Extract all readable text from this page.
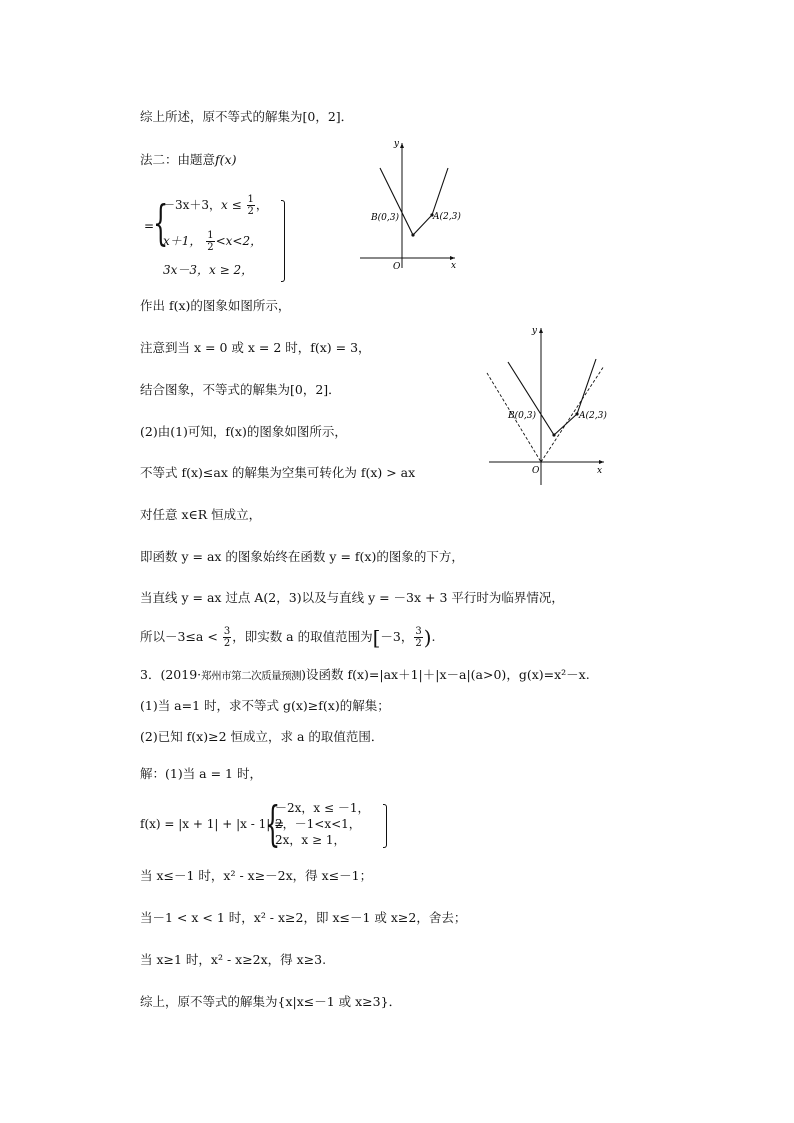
综上所述，原不等式的解集为[0，2]．
法二：由题意f(x)
=
{
－3x＋3，$x \le \frac{1}{2}$ ，
x＋1， $\frac{1}{2} <x<2$，
3x－3，x ≥ 2，
y
x
O
B(0,3)	A(2,3)
作出 f(x)的图象如图所示，
注意到当 x = 0 或 x = 2 时，f(x) = 3，
结合图象，不等式的解集为[0，2]．
(2)由(1)可知，f(x)的图象如图所示，
不等式 f(x)≤ax 的解集为空集可转化为 f(x) > ax
y
x
O
B(0,3)	A(2,3)
对任意 x∈R 恒成立，
即函数 y = ax 的图象始终在函数 y = f(x)的图象的下方，
当直线 y = ax 过点 A(2，3)以及与直线 y = －3x + 3 平行时为临界情况，
所以$-3\le a < \frac{3}{2}$ ，即实数 a 的取值范围为[－3， $\frac{3}{2}$ ).
3．(2019·郑州市第二次质量预测)设函数 f(x)=|ax＋1|＋|x－a|(a>0)，g(x)=x²－x.
(1)当 a=1 时，求不等式 g(x)≥f(x)的解集；
(2)已知 f(x)≥2 恒成立，求 a 的取值范围．
解：(1)当 a = 1 时，
f(x) = |x + 1| + |x - 1| =
{
－2x，x ≤ －1，
2，－1<x<1，
2x，x ≥ 1，
当 x≤－1 时，x² - x≥－2x，得 x≤－1；
当－1 < x < 1 时，x² - x≥2，即 x≤－1 或 x≥2，舍去；
当 x≥1 时，x² - x≥2x，得 x≥3.
综上，原不等式的解集为{x|x≤－1 或 x≥3}．
